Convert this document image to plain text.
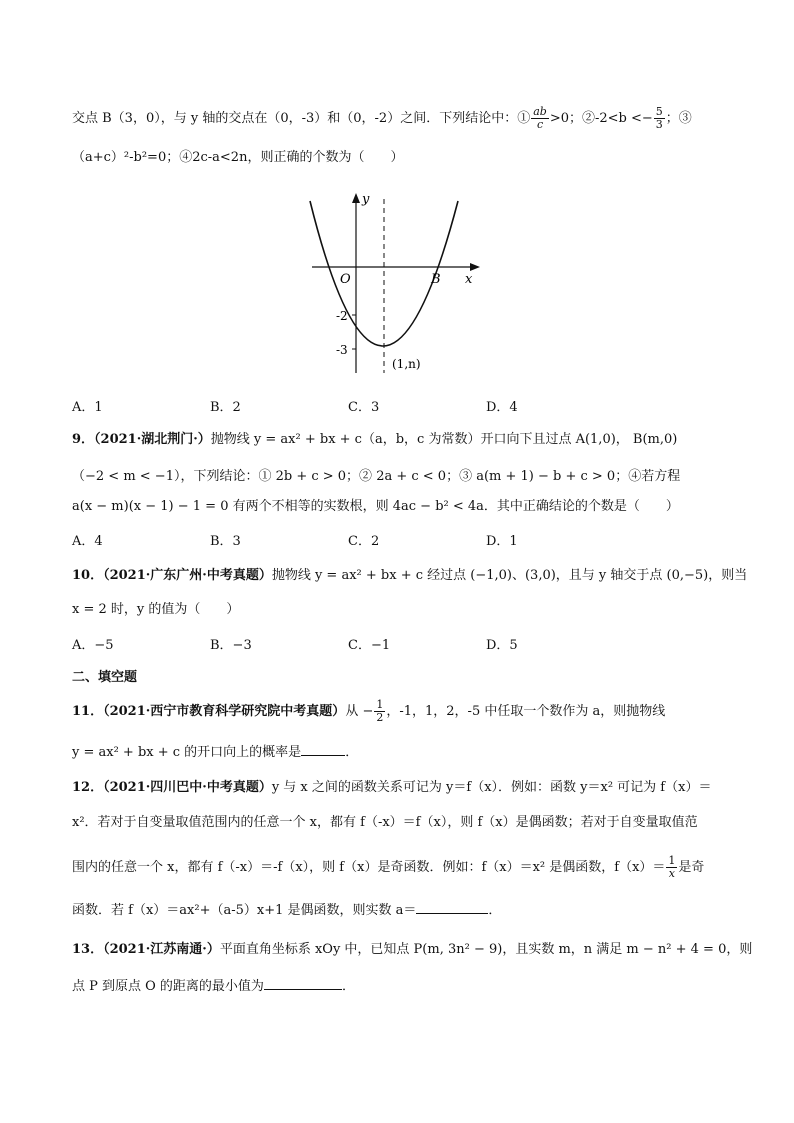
交点 B（3，0），与 y 轴的交点在（0，-3）和（0，-2）之间．下列结论中：① $\frac{ab}{c} >0$；②-2<b <− $\frac{5}{3}$ ；③
（a+c）²-b²=0；④2c-a<2n，则正确的个数为（　　）
y
x
O	B
-2
-3
(1,n)
A．1	B．2	C．3	D．4
9．（2021·湖北荆门·）抛物线 y = ax² + bx + c（a，b，c 为常数）开口向下且过点 A(1,0)， B(m,0)
（−2 < m < −1），下列结论：① 2b + c > 0；② 2a + c < 0；③ a(m + 1) − b + c > 0；④若方程
a(x − m)(x − 1) − 1 = 0 有两个不相等的实数根，则 4ac − b² < 4a．其中正确结论的个数是（　　）
A．4	B．3	C．2	D．1
10．（2021·广东广州·中考真题）抛物线 y = ax² + bx + c 经过点 (−1,0)、(3,0)，且与 y 轴交于点 (0,−5)，则当
x = 2 时，y 的值为（　　）
A．−5	B．−3	C．−1	D．5
二、填空题
11．（2021·西宁市教育科学研究院中考真题）从 − $\frac{1}{2}$ ，-1，1，2，-5 中任取一个数作为 a，则抛物线
y = ax² + bx + c 的开口向上的概率是	．
12．（2021·四川巴中·中考真题）y 与 x 之间的函数关系可记为 y＝f（x）．例如：函数 y＝x² 可记为 f（x）＝
x²．若对于自变量取值范围内的任意一个 x，都有 f（-x）＝f（x），则 f（x）是偶函数；若对于自变量取值范
围内的任意一个 x，都有 f（-x）＝-f（x），则 f（x）是奇函数．例如：f（x）＝x² 是偶函数，$f(x)= \frac{1}{x}$ 是奇
函数．若 f（x）＝ax²+（a-5）x+1 是偶函数，则实数 a＝	．
13．（2021·江苏南通·）平面直角坐标系 xOy 中，已知点 P(m, 3n² − 9)，且实数 m，n 满足 m − n² + 4 = 0，则
点 P 到原点 O 的距离的最小值为	．
